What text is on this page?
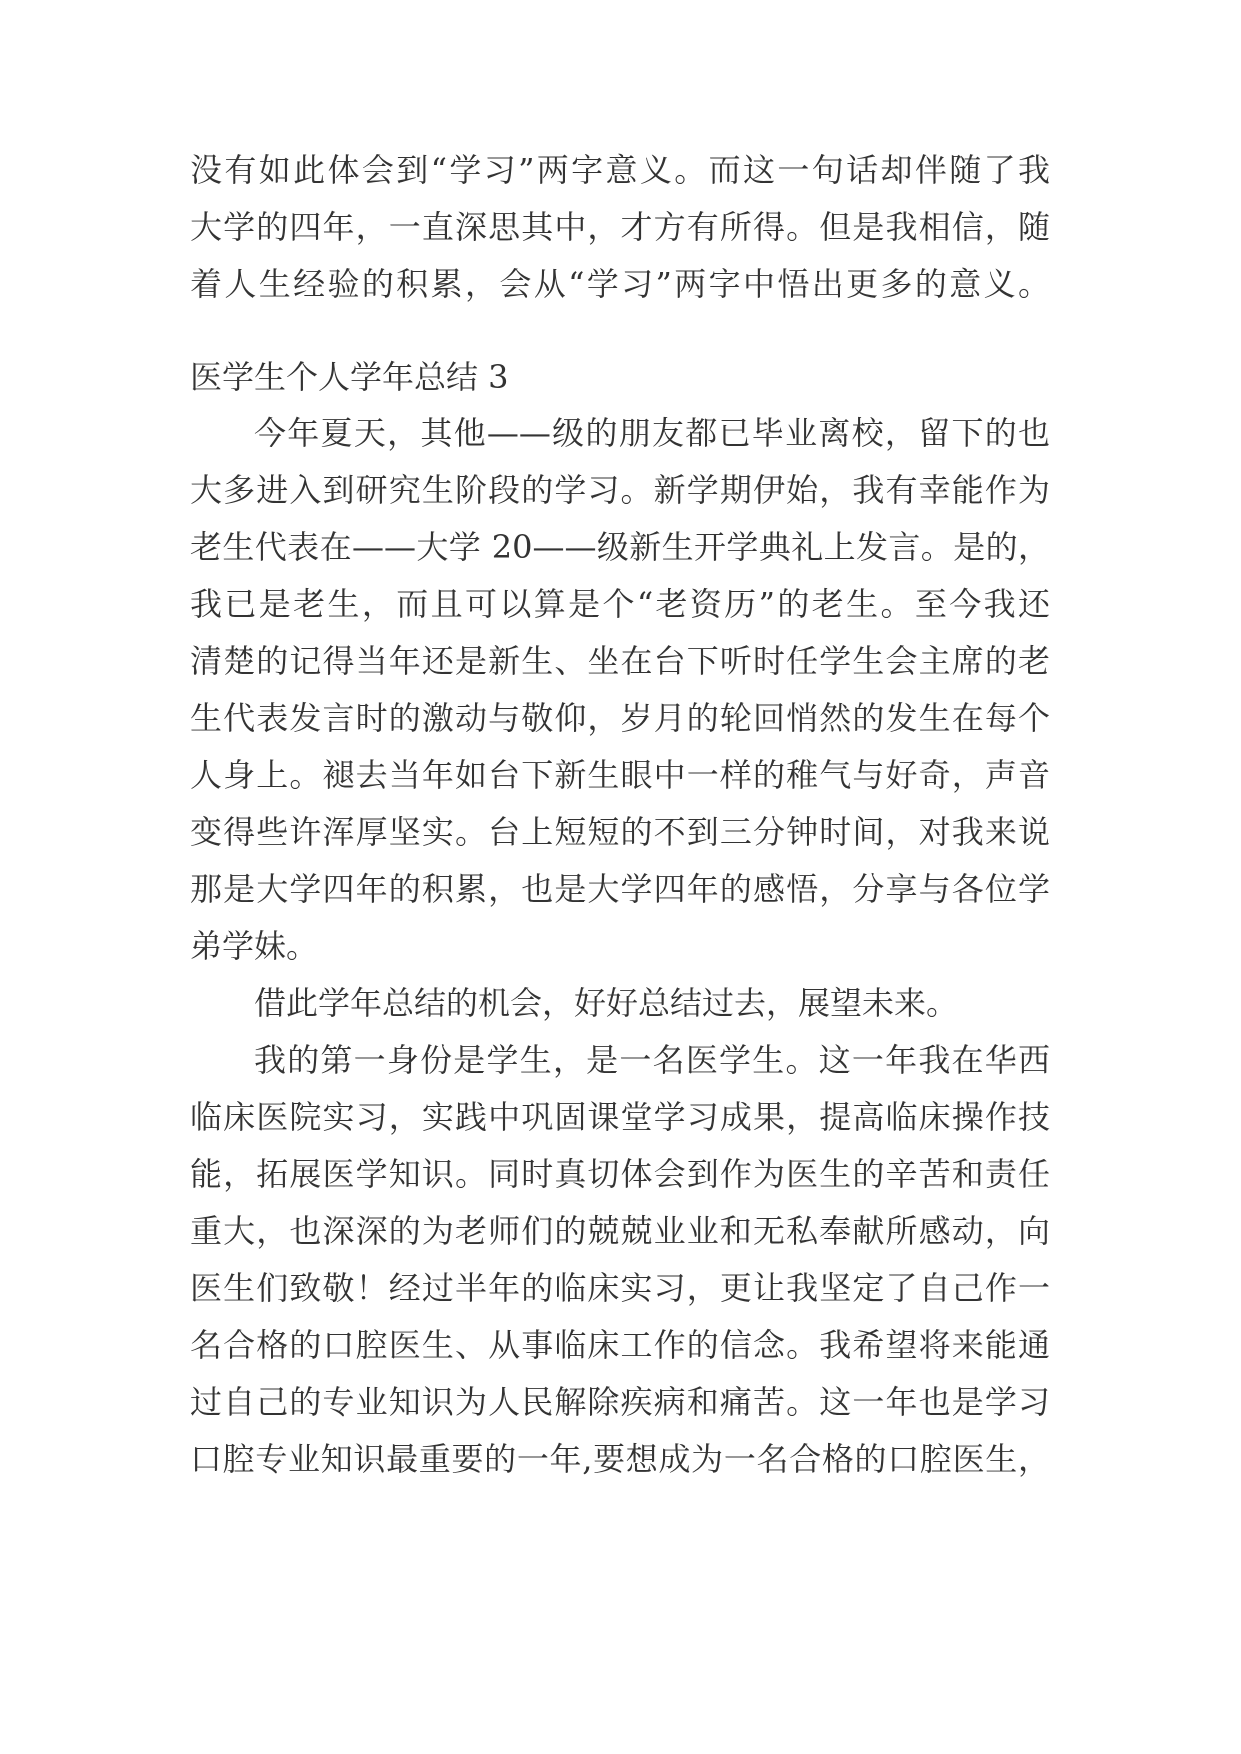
没有如此体会到“学习”两字意义。而这一句话却伴随了我
大学的四年，一直深思其中，才方有所得。但是我相信，随
着人生经验的积累，会从“学习”两字中悟出更多的意义。
医学生个人学年总结 3
今年夏天，其他——级的朋友都已毕业离校，留下的也
大多进入到研究生阶段的学习。新学期伊始，我有幸能作为
老生代表在——大学 20——级新生开学典礼上发言。是的，
我已是老生，而且可以算是个“老资历”的老生。至今我还
清楚的记得当年还是新生、坐在台下听时任学生会主席的老
生代表发言时的激动与敬仰，岁月的轮回悄然的发生在每个
人身上。褪去当年如台下新生眼中一样的稚气与好奇，声音
变得些许浑厚坚实。台上短短的不到三分钟时间，对我来说
那是大学四年的积累，也是大学四年的感悟，分享与各位学
弟学妹。
借此学年总结的机会，好好总结过去，展望未来。
我的第一身份是学生，是一名医学生。这一年我在华西
临床医院实习，实践中巩固课堂学习成果，提高临床操作技
能，拓展医学知识。同时真切体会到作为医生的辛苦和责任
重大，也深深的为老师们的兢兢业业和无私奉献所感动，向
医生们致敬！经过半年的临床实习，更让我坚定了自己作一
名合格的口腔医生、从事临床工作的信念。我希望将来能通
过自己的专业知识为人民解除疾病和痛苦。这一年也是学习
口腔专业知识最重要的一年,要想成为一名合格的口腔医生，
